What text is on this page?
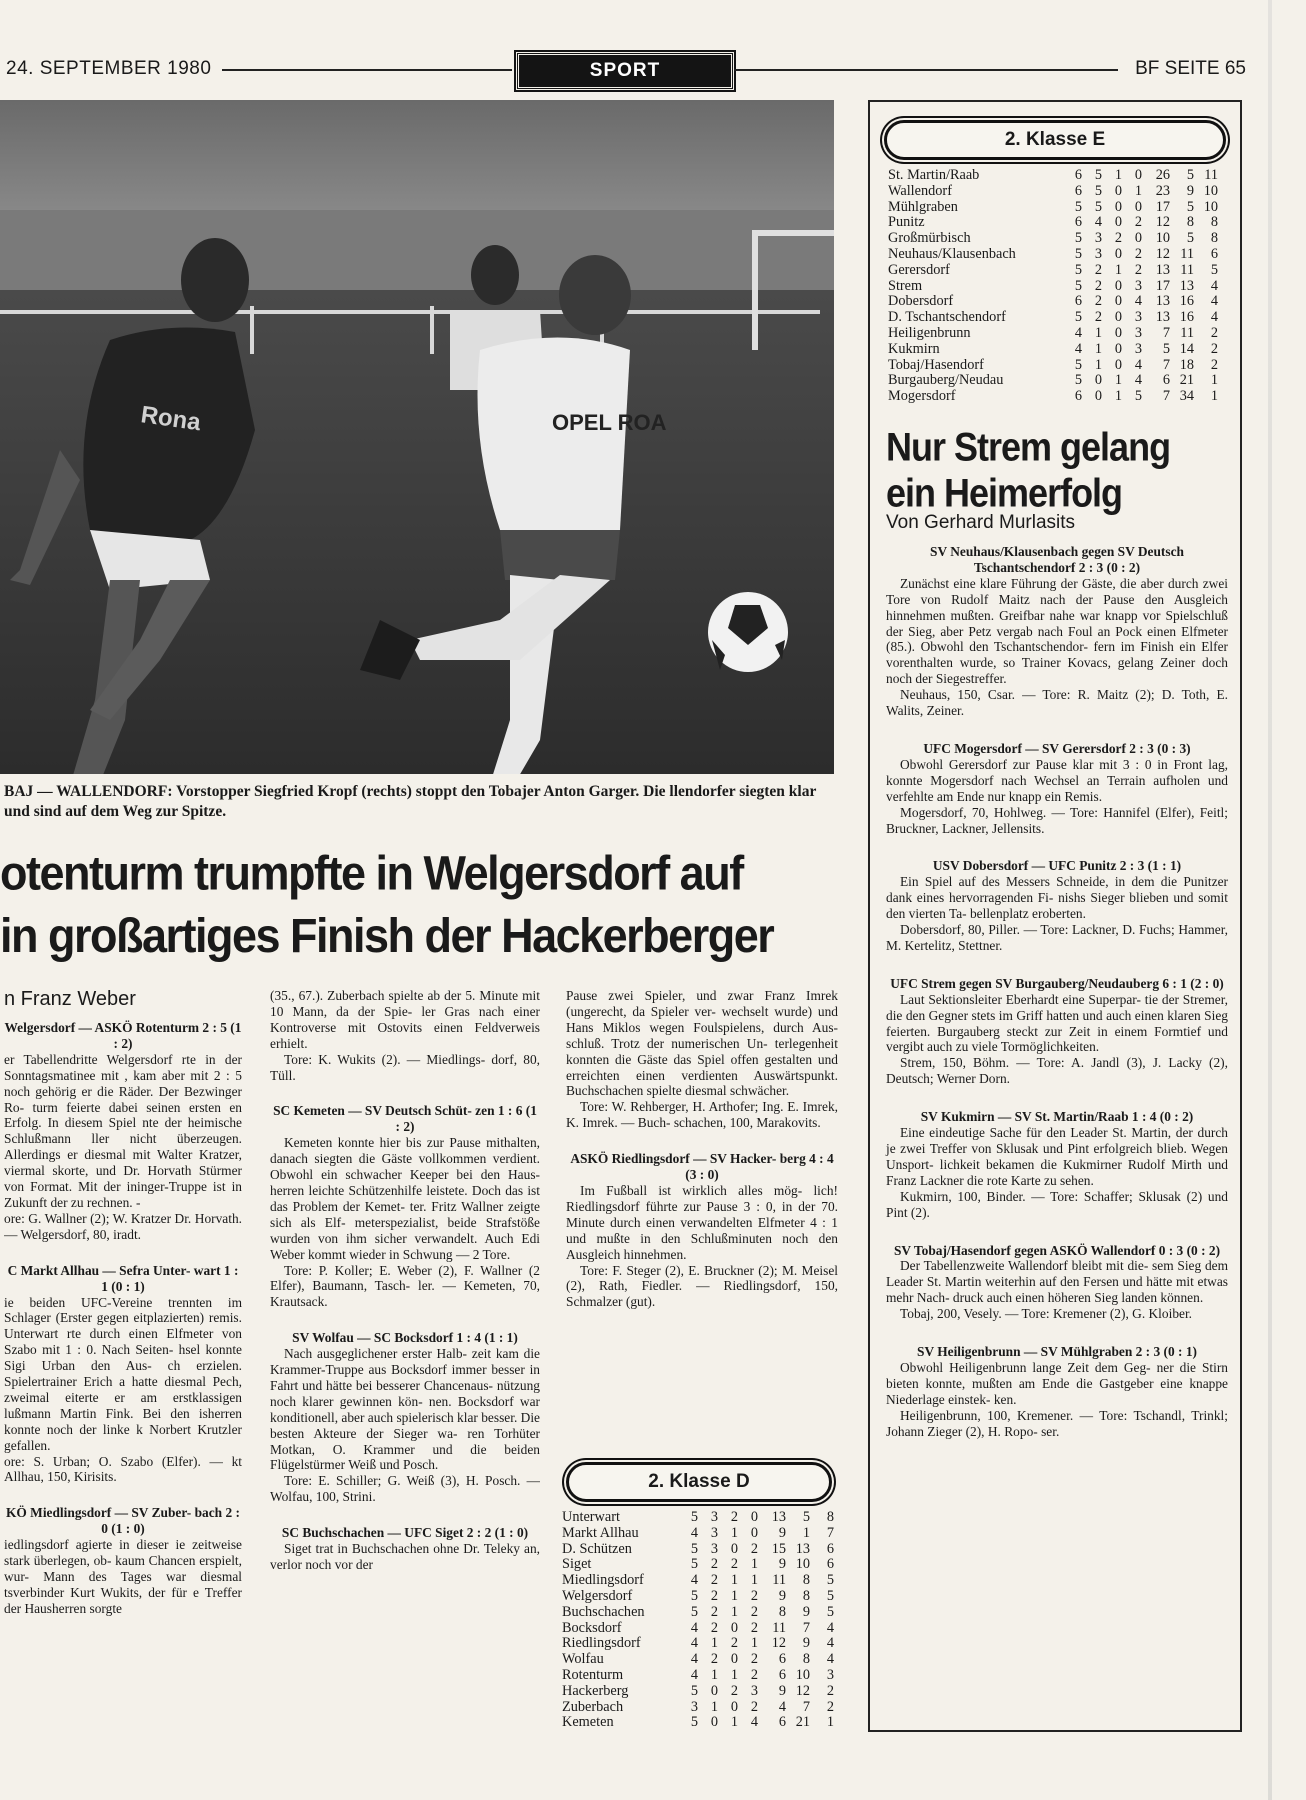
24. SEPTEMBER 1980	SPORT	BF SEITE 65
Rona	OPEL ROA
BAJ — WALLENDORF: Vorstopper Siegfried Kropf (rechts) stoppt den Tobajer Anton Garger. Die llendorfer siegten klar und sind auf dem Weg zur Spitze.
otenturm trumpfte in Welgersdorf auf
in großartiges Finish der Hackerberger
n Franz Weber

Welgersdorf — ASKÖ Rotenturm 2 : 5 (1 : 2)

er Tabellendritte Welgersdorf rte in der Sonntagsmatinee mit , kam aber mit 2 : 5 noch gehörig er die Räder. Der Bezwinger Ro- turm feierte dabei seinen ersten en Erfolg. In diesem Spiel nte der heimische Schlußmann ller nicht überzeugen. Allerdings er diesmal mit Walter Kratzer, viermal skorte, und Dr. Horvath Stürmer von Format. Mit der ininger-Truppe ist in Zukunft der zu rechnen. -

ore: G. Wallner (2); W. Kratzer Dr. Horvath. — Welgersdorf, 80, iradt.

C Markt Allhau — Sefra Unter- wart 1 : 1 (0 : 1)

ie beiden UFC-Vereine trennten im Schlager (Erster gegen eitplazierten) remis. Unterwart rte durch einen Elfmeter von Szabo mit 1 : 0. Nach Seiten- hsel konnte Sigi Urban den Aus- ch erzielen. Spielertrainer Erich a hatte diesmal Pech, zweimal eiterte er am erstklassigen lußmann Martin Fink. Bei den isherren konnte noch der linke k Norbert Krutzler gefallen.

ore: S. Urban; O. Szabo (Elfer). — kt Allhau, 150, Kirisits.

KÖ Miedlingsdorf — SV Zuber- bach 2 : 0 (1 : 0)

iedlingsdorf agierte in dieser ie zeitweise stark überlegen, ob- kaum Chancen erspielt, wur- Mann des Tages war diesmal tsverbinder Kurt Wukits, der für e Treffer der Hausherren sorgte

(35., 67.). Zuberbach spielte ab der 5. Minute mit 10 Mann, da der Spie- ler Gras nach einer Kontroverse mit Ostovits einen Feldverweis erhielt.

Tore: K. Wukits (2). — Miedlings- dorf, 80, Tüll.

SC Kemeten — SV Deutsch Schüt- zen 1 : 6 (1 : 2)

Kemeten konnte hier bis zur Pause mithalten, danach siegten die Gäste vollkommen verdient. Obwohl ein schwacher Keeper bei den Haus- herren leichte Schützenhilfe leistete. Doch das ist das Problem der Kemet- ter. Fritz Wallner zeigte sich als Elf- meterspezialist, beide Strafstöße wurden von ihm sicher verwandelt. Auch Edi Weber kommt wieder in Schwung — 2 Tore.

Tore: P. Koller; E. Weber (2), F. Wallner (2 Elfer), Baumann, Tasch- ler. — Kemeten, 70, Krautsack.

SV Wolfau — SC Bocksdorf 1 : 4 (1 : 1)

Nach ausgeglichener erster Halb- zeit kam die Krammer-Truppe aus Bocksdorf immer besser in Fahrt und hätte bei besserer Chancenaus- nützung noch klarer gewinnen kön- nen. Bocksdorf war konditionell, aber auch spielerisch klar besser. Die besten Akteure der Sieger wa- ren Torhüter Motkan, O. Krammer und die beiden Flügelstürmer Weiß und Posch.

Tore: E. Schiller; G. Weiß (3), H. Posch. — Wolfau, 100, Strini.

SC Buchschachen — UFC Siget 2 : 2 (1 : 0)

Siget trat in Buchschachen ohne Dr. Teleky an, verlor noch vor der

Pause zwei Spieler, und zwar Franz Imrek (ungerecht, da Spieler ver- wechselt wurde) und Hans Miklos wegen Foulspielens, durch Aus- schluß. Trotz der numerischen Un- terlegenheit konnten die Gäste das Spiel offen gestalten und erreichten einen verdienten Auswärtspunkt. Buchschachen spielte diesmal schwächer.

Tore: W. Rehberger, H. Arthofer; Ing. E. Imrek, K. Imrek. — Buch- schachen, 100, Marakovits.

ASKÖ Riedlingsdorf — SV Hacker- berg 4 : 4 (3 : 0)

Im Fußball ist wirklich alles mög- lich! Riedlingsdorf führte zur Pause 3 : 0, in der 70. Minute durch einen verwandelten Elfmeter 4 : 1 und mußte in den Schlußminuten noch den Ausgleich hinnehmen.

Tore: F. Steger (2), E. Bruckner (2); M. Meisel (2), Rath, Fiedler. — Riedlingsdorf, 150, Schmalzer (gut).

2. Klasse D
Unterwart	5	3	2	0	13	5	8
Markt Allhau	4	3	1	0	9	1	7
D. Schützen	5	3	0	2	15	13	6
Siget	5	2	2	1	9	10	6
Miedlingsdorf	4	2	1	1	11	8	5
Welgersdorf	5	2	1	2	9	8	5
Buchschachen	5	2	1	2	8	9	5
Bocksdorf	4	2	0	2	11	7	4
Riedlingsdorf	4	1	2	1	12	9	4
Wolfau	4	2	0	2	6	8	4
Rotenturm	4	1	1	2	6	10	3
Hackerberg	5	0	2	3	9	12	2
Zuberbach	3	1	0	2	4	7	2
Kemeten	5	0	1	4	6	21	1
2. Klasse E
St. Martin/Raab	6	5	1	0	26	5	11
Wallendorf	6	5	0	1	23	9	10
Mühlgraben	5	5	0	0	17	5	10
Punitz	6	4	0	2	12	8	8
Großmürbisch	5	3	2	0	10	5	8
Neuhaus/Klausenbach	5	3	0	2	12	11	6
Gerersdorf	5	2	1	2	13	11	5
Strem	5	2	0	3	17	13	4
Dobersdorf	6	2	0	4	13	16	4
D. Tschantschendorf	5	2	0	3	13	16	4
Heiligenbrunn	4	1	0	3	7	11	2
Kukmirn	4	1	0	3	5	14	2
Tobaj/Hasendorf	5	1	0	4	7	18	2
Burgauberg/Neudau	5	0	1	4	6	21	1
Mogersdorf	6	0	1	5	7	34	1
Nur Strem gelang
ein Heimerfolg
Von Gerhard Murlasits

SV Neuhaus/Klausenbach gegen SV Deutsch Tschantschendorf 2 : 3 (0 : 2)

Zunächst eine klare Führung der Gäste, die aber durch zwei Tore von Rudolf Maitz nach der Pause den Ausgleich hinnehmen mußten. Greifbar nahe war knapp vor Spielschluß der Sieg, aber Petz vergab nach Foul an Pock einen Elfmeter (85.). Obwohl den Tschantschendor- fern im Finish ein Elfer vorenthalten wurde, so Trainer Kovacs, gelang Zeiner doch noch der Siegestreffer.

Neuhaus, 150, Csar. — Tore: R. Maitz (2); D. Toth, E. Walits, Zeiner.

UFC Mogersdorf — SV Gerersdorf 2 : 3 (0 : 3)

Obwohl Gerersdorf zur Pause klar mit 3 : 0 in Front lag, konnte Mogersdorf nach Wechsel an Terrain aufholen und verfehlte am Ende nur knapp ein Remis.

Mogersdorf, 70, Hohlweg. — Tore: Hannifel (Elfer), Feitl; Bruckner, Lackner, Jellensits.

USV Dobersdorf — UFC Punitz 2 : 3 (1 : 1)

Ein Spiel auf des Messers Schneide, in dem die Punitzer dank eines hervorragenden Fi- nishs Sieger blieben und somit den vierten Ta- bellenplatz eroberten.

Dobersdorf, 80, Piller. — Tore: Lackner, D. Fuchs; Hammer, M. Kertelitz, Stettner.

UFC Strem gegen SV Burgauberg/Neudauberg 6 : 1 (2 : 0)

Laut Sektionsleiter Eberhardt eine Superpar- tie der Stremer, die den Gegner stets im Griff hatten und auch einen klaren Sieg feierten. Burgauberg steckt zur Zeit in einem Formtief und vergibt auch zu viele Tormöglichkeiten.

Strem, 150, Böhm. — Tore: A. Jandl (3), J. Lacky (2), Deutsch; Werner Dorn.

SV Kukmirn — SV St. Martin/Raab 1 : 4 (0 : 2)

Eine eindeutige Sache für den Leader St. Martin, der durch je zwei Treffer von Sklusak und Pint erfolgreich blieb. Wegen Unsport- lichkeit bekamen die Kukmirner Rudolf Mirth und Franz Lackner die rote Karte zu sehen.

Kukmirn, 100, Binder. — Tore: Schaffer; Sklusak (2) und Pint (2).

SV Tobaj/Hasendorf gegen ASKÖ Wallendorf 0 : 3 (0 : 2)

Der Tabellenzweite Wallendorf bleibt mit die- sem Sieg dem Leader St. Martin weiterhin auf den Fersen und hätte mit etwas mehr Nach- druck auch einen höheren Sieg landen können.

Tobaj, 200, Vesely. — Tore: Kremener (2), G. Kloiber.

SV Heiligenbrunn — SV Mühlgraben 2 : 3 (0 : 1)

Obwohl Heiligenbrunn lange Zeit dem Geg- ner die Stirn bieten konnte, mußten am Ende die Gastgeber eine knappe Niederlage einstek- ken.

Heiligenbrunn, 100, Kremener. — Tore: Tschandl, Trinkl; Johann Zieger (2), H. Ropo- ser.
